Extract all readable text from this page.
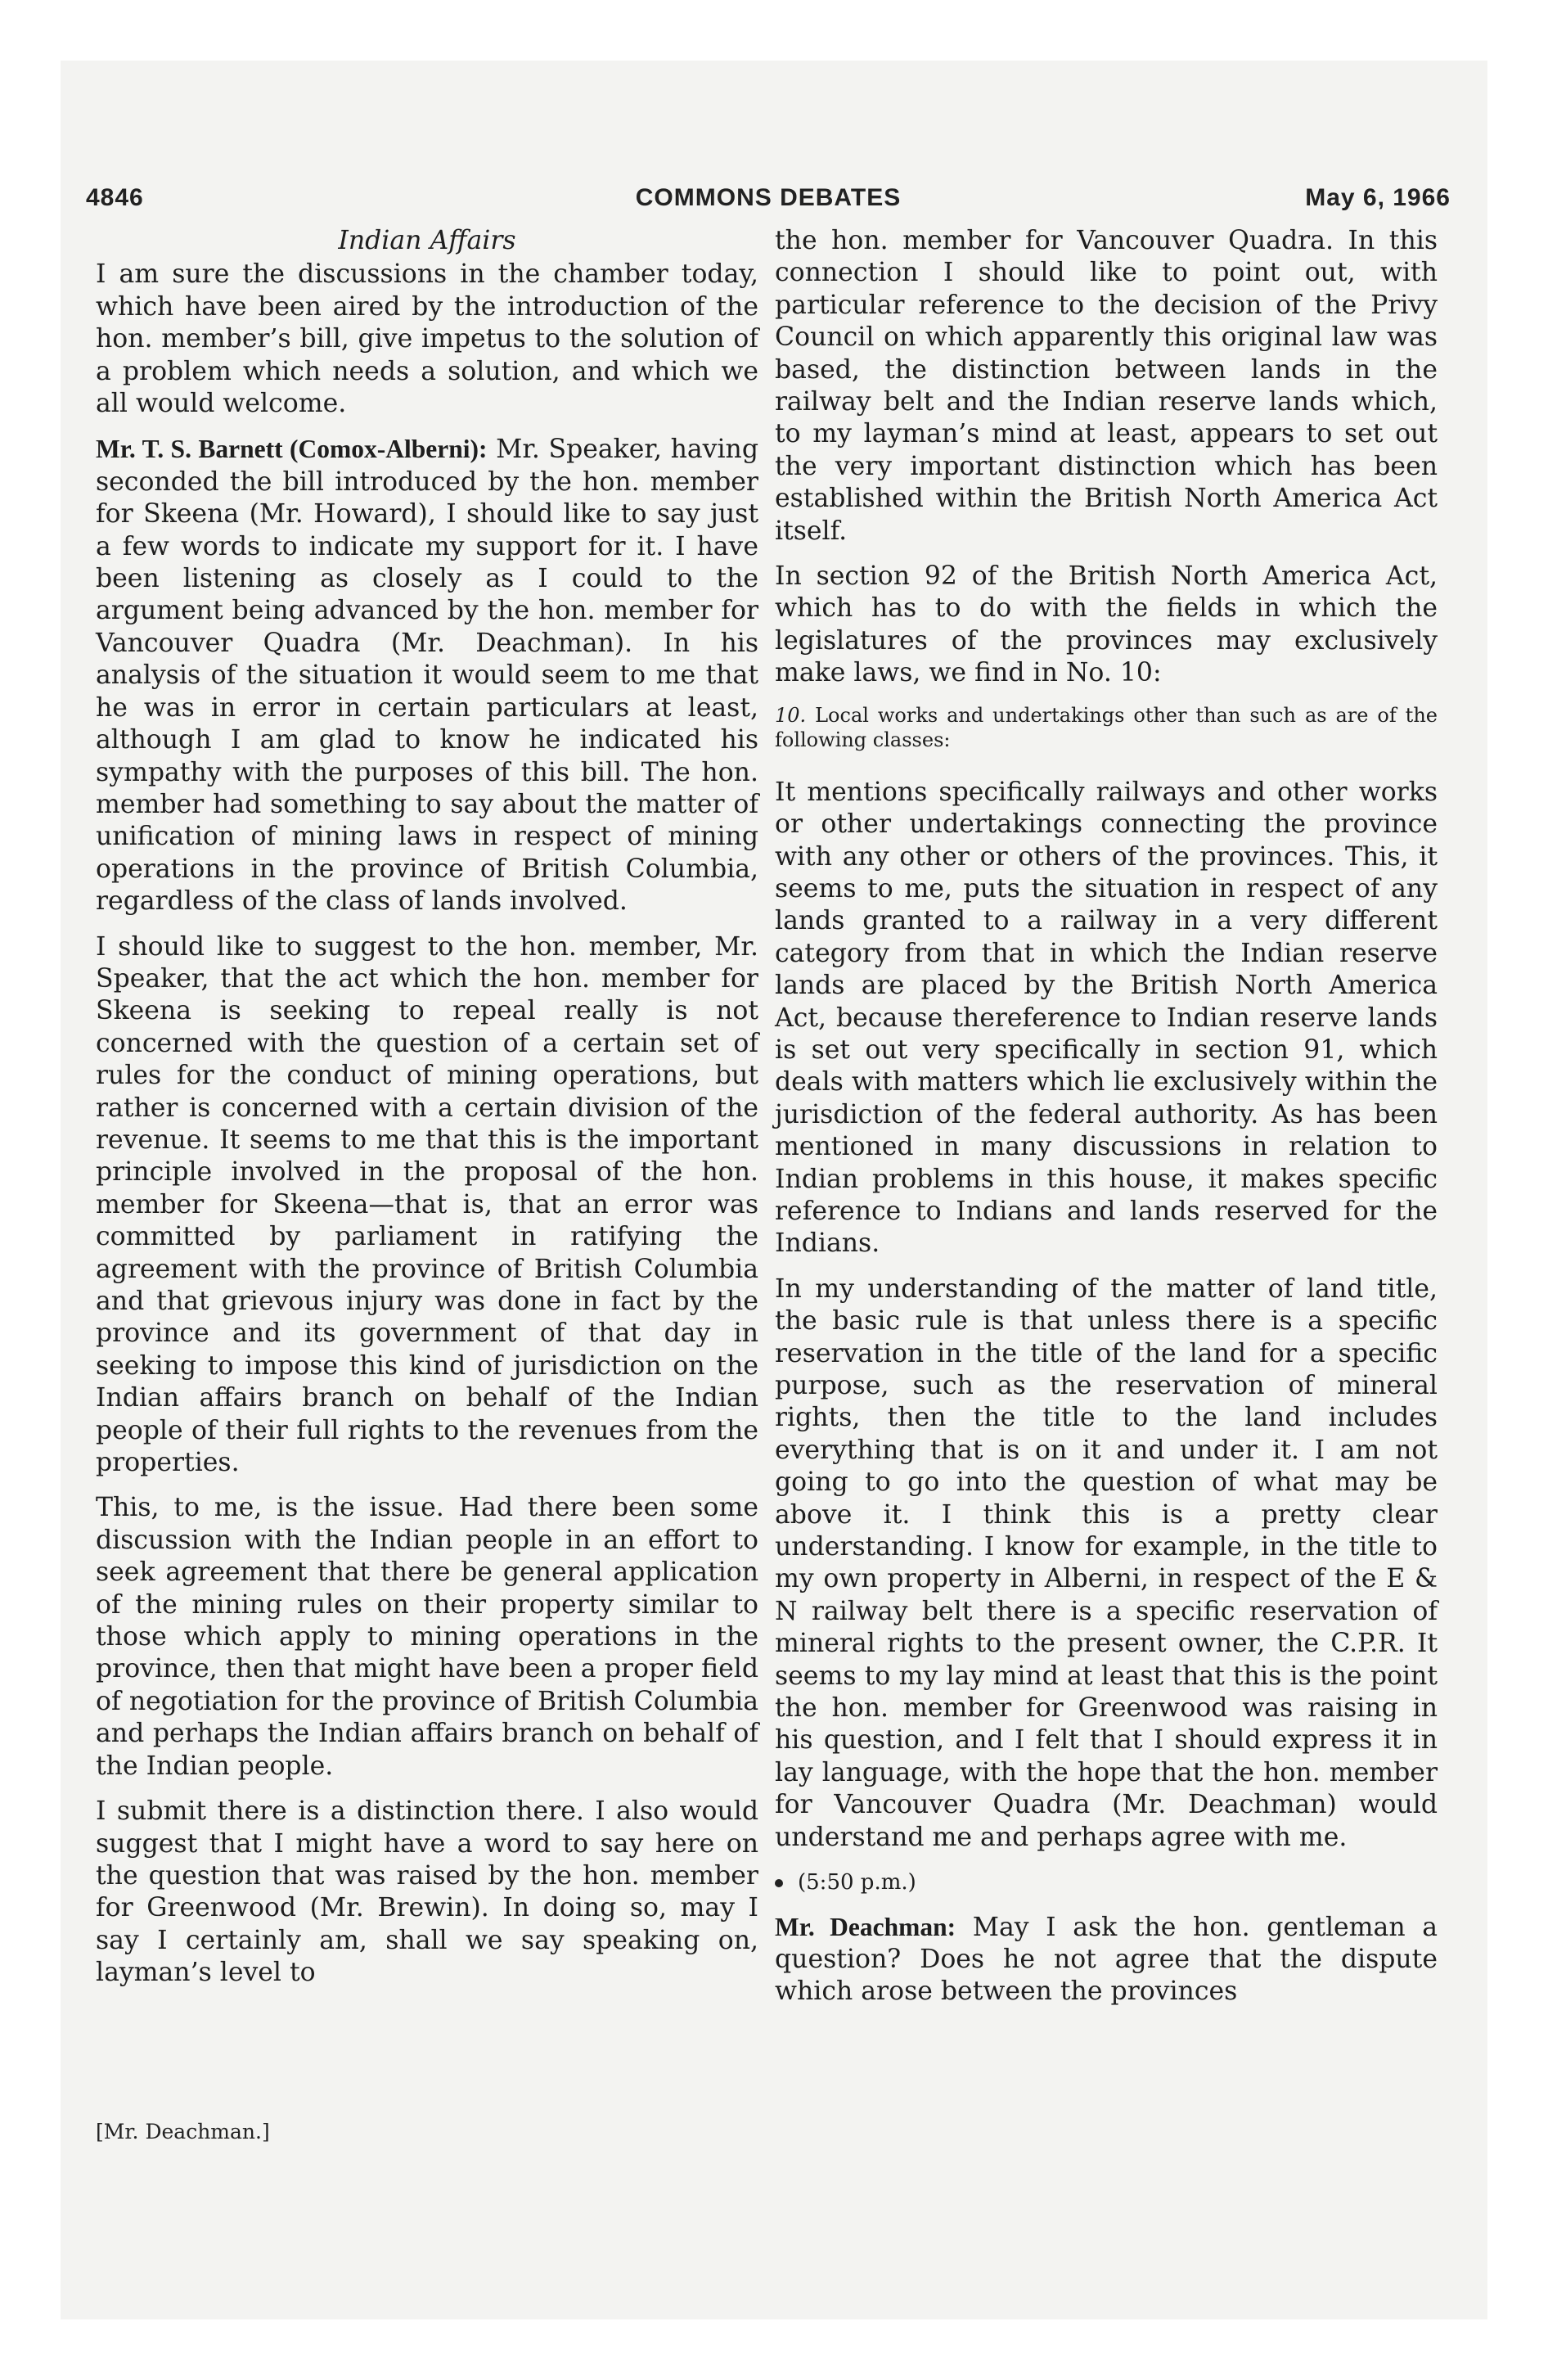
4846	COMMONS DEBATES	May 6, 1966
Indian Affairs

I am sure the discussions in the chamber today, which have been aired by the introduction of the hon. member’s bill, give impetus to the solution of a problem which needs a solution, and which we all would welcome.

Mr. T. S. Barnett (Comox-Alberni): Mr. Speaker, having seconded the bill introduced by the hon. member for Skeena (Mr. Howard), I should like to say just a few words to indicate my support for it. I have been listening as closely as I could to the argument being advanced by the hon. member for Vancouver Quadra (Mr. Deachman). In his analysis of the situation it would seem to me that he was in error in certain particulars at least, although I am glad to know he indicated his sympathy with the purposes of this bill. The hon. member had something to say about the matter of unification of mining laws in respect of mining operations in the province of British Columbia, regardless of the class of lands involved.

I should like to suggest to the hon. member, Mr. Speaker, that the act which the hon. member for Skeena is seeking to repeal really is not concerned with the question of a certain set of rules for the conduct of mining operations, but rather is concerned with a certain division of the revenue. It seems to me that this is the important principle involved in the proposal of the hon. member for Skeena—that is, that an error was committed by parliament in ratifying the agreement with the province of British Columbia and that grievous injury was done in fact by the province and its government of that day in seeking to impose this kind of jurisdiction on the Indian affairs branch on behalf of the Indian people of their full rights to the revenues from the properties.

This, to me, is the issue. Had there been some discussion with the Indian people in an effort to seek agreement that there be general application of the mining rules on their property similar to those which apply to mining operations in the province, then that might have been a proper field of negotiation for the province of British Columbia and perhaps the Indian affairs branch on behalf of the Indian people.

I submit there is a distinction there. I also would suggest that I might have a word to say here on the question that was raised by the hon. member for Greenwood (Mr. Brewin). In doing so, may I say I certainly am, shall we say speaking on, layman’s level to

[Mr. Deachman.]

the hon. member for Vancouver Quadra. In this connection I should like to point out, with particular reference to the decision of the Privy Council on which apparently this original law was based, the distinction between lands in the railway belt and the Indian reserve lands which, to my layman’s mind at least, appears to set out the very important distinction which has been established within the British North America Act itself.

In section 92 of the British North America Act, which has to do with the fields in which the legislatures of the provinces may exclusively make laws, we find in No. 10:

10. Local works and undertakings other than such as are of the following classes:

It mentions specifically railways and other works or other undertakings connecting the province with any other or others of the provinces. This, it seems to me, puts the situation in respect of any lands granted to a railway in a very different category from that in which the Indian reserve lands are placed by the British North America Act, because thereference to Indian reserve lands is set out very specifically in section 91, which deals with matters which lie exclusively within the jurisdiction of the federal authority. As has been mentioned in many discussions in relation to Indian problems in this house, it makes specific reference to Indians and lands reserved for the Indians.

In my understanding of the matter of land title, the basic rule is that unless there is a specific reservation in the title of the land for a specific purpose, such as the reservation of mineral rights, then the title to the land includes everything that is on it and under it. I am not going to go into the question of what may be above it. I think this is a pretty clear understanding. I know for example, in the title to my own property in Alberni, in respect of the E & N railway belt there is a specific reservation of mineral rights to the present owner, the C.P.R. It seems to my lay mind at least that this is the point the hon. member for Greenwood was raising in his question, and I felt that I should express it in lay language, with the hope that the hon. member for Vancouver Quadra (Mr. Deachman) would understand me and perhaps agree with me.

(5:50 p.m.)

Mr. Deachman: May I ask the hon. gentleman a question? Does he not agree that the dispute which arose between the provinces
